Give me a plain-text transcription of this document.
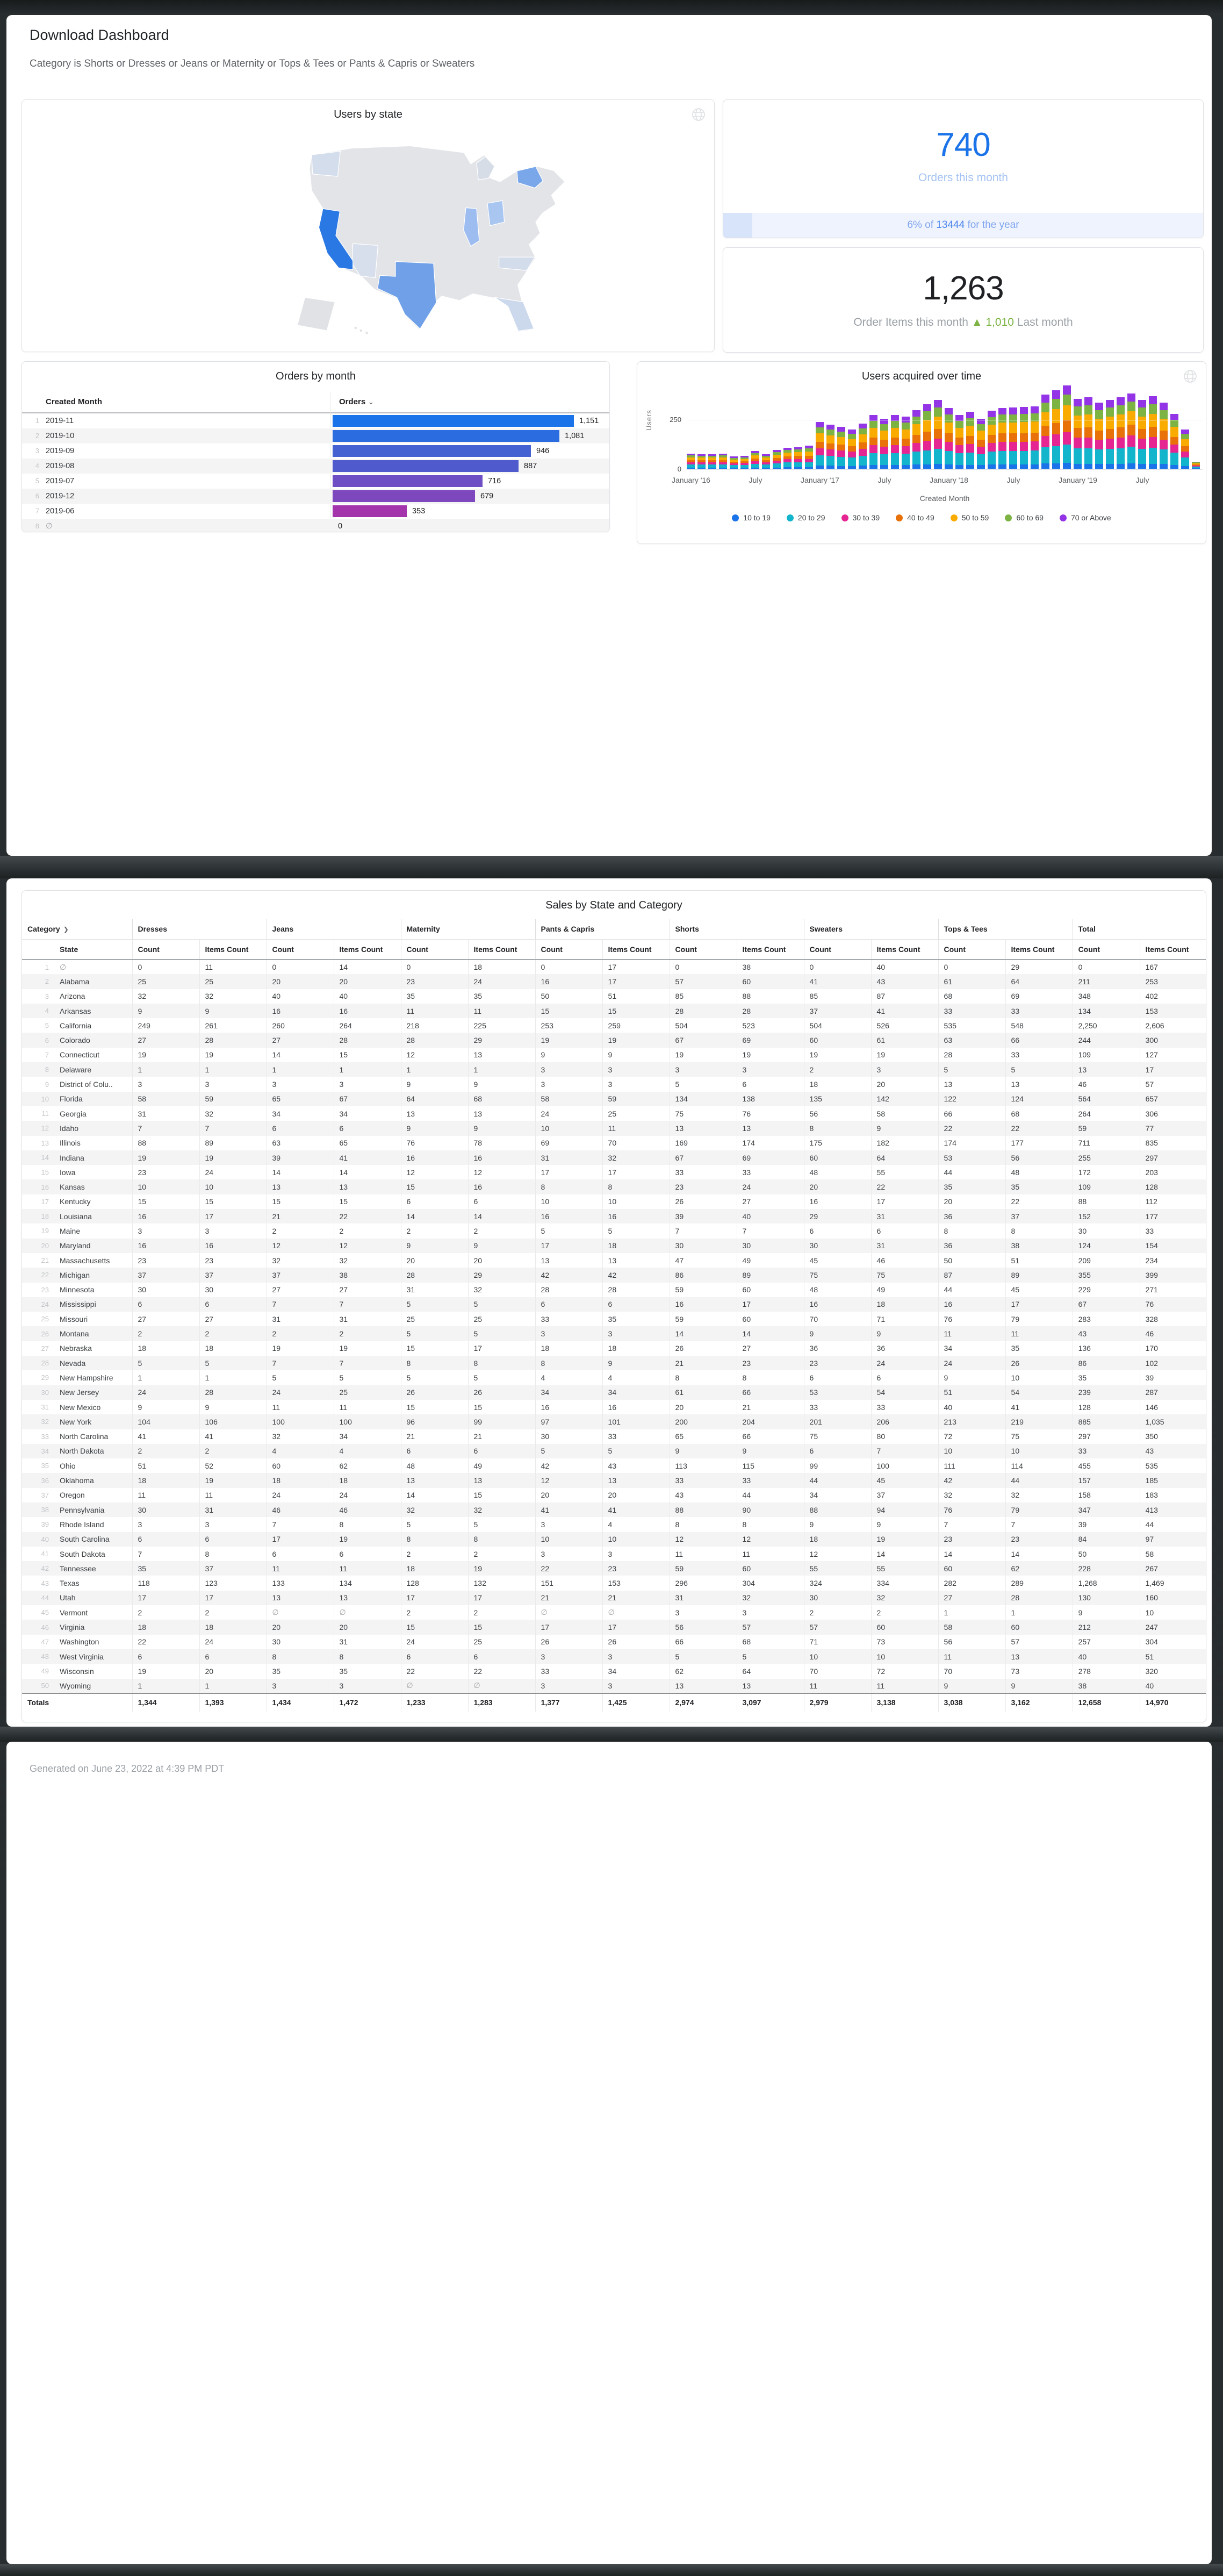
Download Dashboard
Category is Shorts or Dresses or Jeans or Maternity or Tops & Tees or Pants & Capris or Sweaters
Users by state
740
Orders this month
6% of 13444 for the year
1,263
Order Items this month ▲ 1,010 Last month
Orders by month
Created Month	Orders ⌄
1 2019-11	1,151
2 2019-10	1,081
3 2019-09	946
4 2019-08	887
5 2019-07	716
6 2019-12	679
7 2019-06	353
8 ∅	0
Users acquired over time
Users 250
0
January '16	July	January '17	July	January '18	July	January '19	July
Created Month
10 to 19	20 to 29	30 to 39	40 to 49	50 to 59	60 to 69	70 or Above
Sales by State and Category
Category ❯		Dresses		Jeans		Maternity		Pants & Capris		Shorts		Sweaters		Tops & Tees		Total	
	State	Count	Items Count	Count	Items Count	Count	Items Count	Count	Items Count	Count	Items Count	Count	Items Count	Count	Items Count	Count	Items Count
1	∅	0	11	0	14	0	18	0	17	0	38	0	40	0	29	0	167
2	Alabama	25	25	20	20	23	24	16	17	57	60	41	43	61	64	211	253
3	Arizona	32	32	40	40	35	35	50	51	85	88	85	87	68	69	348	402
4	Arkansas	9	9	16	16	11	11	15	15	28	28	37	41	33	33	134	153
5	California	249	261	260	264	218	225	253	259	504	523	504	526	535	548	2,250	2,606
6	Colorado	27	28	27	28	28	29	19	19	67	69	60	61	63	66	244	300
7	Connecticut	19	19	14	15	12	13	9	9	19	19	19	19	28	33	109	127
8	Delaware	1	1	1	1	1	1	3	3	3	3	2	3	5	5	13	17
9	District of Colu..	3	3	3	3	9	9	3	3	5	6	18	20	13	13	46	57
10	Florida	58	59	65	67	64	68	58	59	134	138	135	142	122	124	564	657
11	Georgia	31	32	34	34	13	13	24	25	75	76	56	58	66	68	264	306
12	Idaho	7	7	6	6	9	9	10	11	13	13	8	9	22	22	59	77
13	Illinois	88	89	63	65	76	78	69	70	169	174	175	182	174	177	711	835
14	Indiana	19	19	39	41	16	16	31	32	67	69	60	64	53	56	255	297
15	Iowa	23	24	14	14	12	12	17	17	33	33	48	55	44	48	172	203
16	Kansas	10	10	13	13	15	16	8	8	23	24	20	22	35	35	109	128
17	Kentucky	15	15	15	15	6	6	10	10	26	27	16	17	20	22	88	112
18	Louisiana	16	17	21	22	14	14	16	16	39	40	29	31	36	37	152	177
19	Maine	3	3	2	2	2	2	5	5	7	7	6	6	8	8	30	33
20	Maryland	16	16	12	12	9	9	17	18	30	30	30	31	36	38	124	154
21	Massachusetts	23	23	32	32	20	20	13	13	47	49	45	46	50	51	209	234
22	Michigan	37	37	37	38	28	29	42	42	86	89	75	75	87	89	355	399
23	Minnesota	30	30	27	27	31	32	28	28	59	60	48	49	44	45	229	271
24	Mississippi	6	6	7	7	5	5	6	6	16	17	16	18	16	17	67	76
25	Missouri	27	27	31	31	25	25	33	35	59	60	70	71	76	79	283	328
26	Montana	2	2	2	2	5	5	3	3	14	14	9	9	11	11	43	46
27	Nebraska	18	18	19	19	15	17	18	18	26	27	36	36	34	35	136	170
28	Nevada	5	5	7	7	8	8	8	9	21	23	23	24	24	26	86	102
29	New Hampshire	1	1	5	5	5	5	4	4	8	8	6	6	9	10	35	39
30	New Jersey	24	28	24	25	26	26	34	34	61	66	53	54	51	54	239	287
31	New Mexico	9	9	11	11	15	15	16	16	20	21	33	33	40	41	128	146
32	New York	104	106	100	100	96	99	97	101	200	204	201	206	213	219	885	1,035
33	North Carolina	41	41	32	34	21	21	30	33	65	66	75	80	72	75	297	350
34	North Dakota	2	2	4	4	6	6	5	5	9	9	6	7	10	10	33	43
35	Ohio	51	52	60	62	48	49	42	43	113	115	99	100	111	114	455	535
36	Oklahoma	18	19	18	18	13	13	12	13	33	33	44	45	42	44	157	185
37	Oregon	11	11	24	24	14	15	20	20	43	44	34	37	32	32	158	183
38	Pennsylvania	30	31	46	46	32	32	41	41	88	90	88	94	76	79	347	413
39	Rhode Island	3	3	7	8	5	5	3	4	8	8	9	9	7	7	39	44
40	South Carolina	6	6	17	19	8	8	10	10	12	12	18	19	23	23	84	97
41	South Dakota	7	8	6	6	2	2	3	3	11	11	12	14	14	14	50	58
42	Tennessee	35	37	11	11	18	19	22	23	59	60	55	55	60	62	228	267
43	Texas	118	123	133	134	128	132	151	153	296	304	324	334	282	289	1,268	1,469
44	Utah	17	17	13	13	17	17	21	21	31	32	30	32	27	28	130	160
45	Vermont	2	2	∅	∅	2	2	∅	∅	3	3	2	2	1	1	9	10
46	Virginia	18	18	20	20	15	15	17	17	56	57	57	60	58	60	212	247
47	Washington	22	24	30	31	24	25	26	26	66	68	71	73	56	57	257	304
48	West Virginia	6	6	8	8	6	6	3	3	5	5	10	10	11	13	40	51
49	Wisconsin	19	20	35	35	22	22	33	34	62	64	70	72	70	73	278	320
50	Wyoming	1	1	3	3	∅	∅	3	3	13	13	11	11	9	9	38	40
Totals		1,344	1,393	1,434	1,472	1,233	1,283	1,377	1,425	2,974	3,097	2,979	3,138	3,038	3,162	12,658	14,970
Generated on June 23, 2022 at 4:39 PM PDT
